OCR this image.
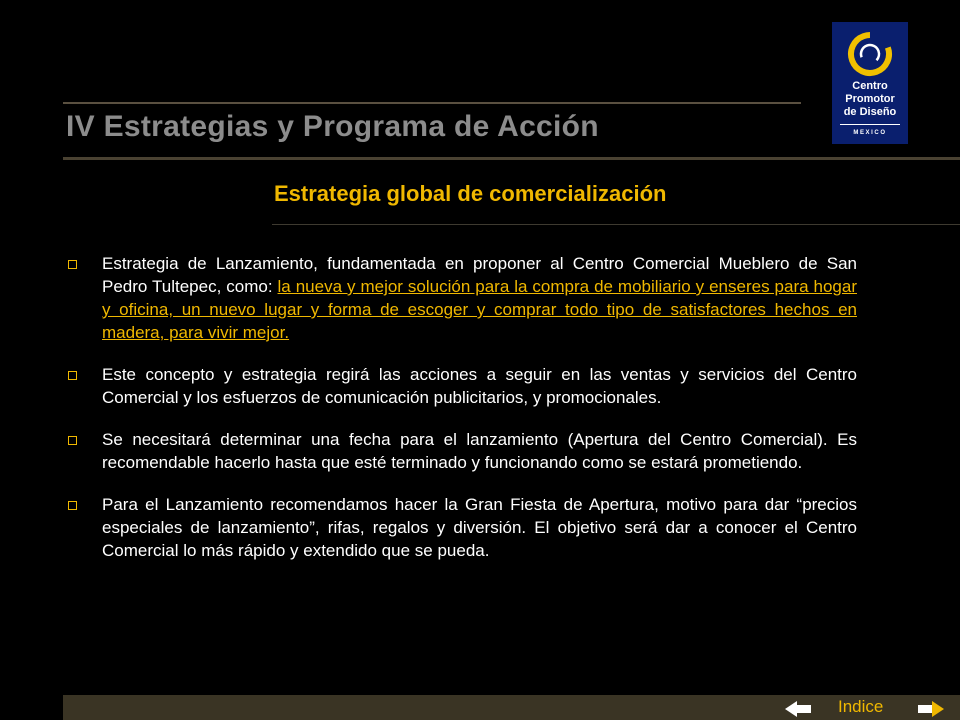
IV Estrategias y Programa de Acción
Estrategia global de comercialización
Centro
Promotor
de Diseño
MEXICO

Estrategia de Lanzamiento, fundamentada en proponer al Centro Comercial Mueblero de San Pedro Tultepec, como: la nueva y mejor solución para la compra de mobiliario y enseres para hogar y oficina, un nuevo lugar y forma de escoger y comprar todo tipo de satisfactores hechos en madera, para vivir mejor.

Este concepto y estrategia regirá las acciones a seguir en las ventas y servicios del Centro Comercial y los esfuerzos de comunicación publicitarios, y promocionales.

Se necesitará determinar una fecha para el lanzamiento (Apertura del Centro Comercial). Es recomendable hacerlo hasta que esté terminado y funcionando como se estará prometiendo.

Para el Lanzamiento recomendamos hacer la Gran Fiesta de Apertura, motivo para dar “precios especiales de lanzamiento”, rifas, regalos y diversión. El objetivo será dar a conocer el Centro Comercial lo más rápido y extendido que se pueda.

Indice
